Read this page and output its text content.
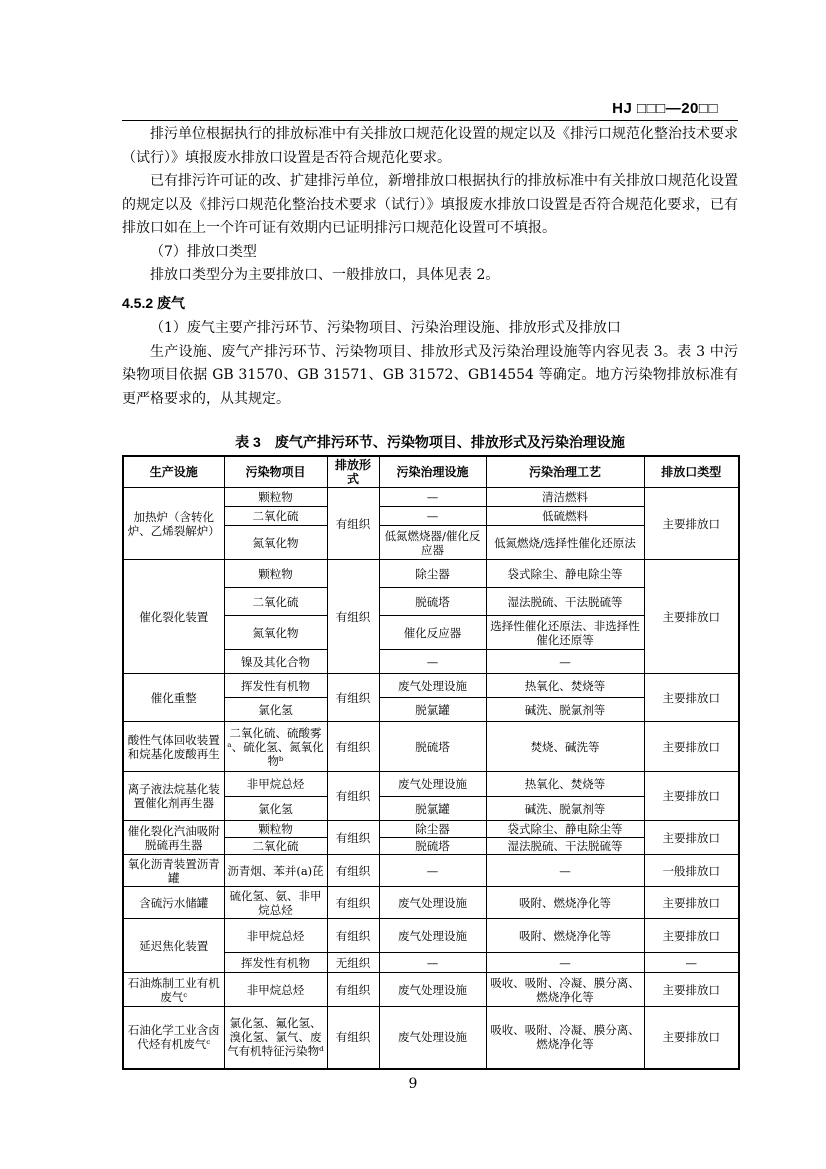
HJ □□□—20□□

排污单位根据执行的排放标准中有关排放口规范化设置的规定以及《排污口规范化整治技术要求（试行）》填报废水排放口设置是否符合规范化要求。

已有排污许可证的改、扩建排污单位，新增排放口根据执行的排放标准中有关排放口规范化设置的规定以及《排污口规范化整治技术要求（试行）》填报废水排放口设置是否符合规范化要求，已有排放口如在上一个许可证有效期内已证明排污口规范化设置可不填报。

（7）排放口类型

排放口类型分为主要排放口、一般排放口，具体见表 2。

4.5.2 废气

（1）废气主要产排污环节、污染物项目、污染治理设施、排放形式及排放口

生产设施、废气产排污环节、污染物项目、排放形式及污染治理设施等内容见表 3。表 3 中污染物项目依据 GB 31570、GB 31571、GB 31572、GB14554 等确定。地方污染物排放标准有更严格要求的，从其规定。

表 3　废气产排污环节、污染物项目、排放形式及污染治理设施
生产设施	污染物项目	排放形式	污染治理设施	污染治理工艺	排放口类型
加热炉（含转化炉、乙烯裂解炉）	颗粒物	有组织	—	清洁燃料	主要排放口
	二氧化硫		—	低硫燃料	
	氮氧化物		低氮燃烧器/催化反应器	低氮燃烧/选择性催化还原法	
催化裂化装置	颗粒物	有组织	除尘器	袋式除尘、静电除尘等	主要排放口
	二氧化硫		脱硫塔	湿法脱硫、干法脱硫等	
	氮氧化物		催化反应器	选择性催化还原法、非选择性催化还原等	
	镍及其化合物		—	—	
催化重整	挥发性有机物	有组织	废气处理设施	热氧化、焚烧等	主要排放口
	氯化氢		脱氯罐	碱洗、脱氯剂等	
酸性气体回收装置和烷基化废酸再生	二氧化硫、硫酸雾ᵃ、硫化氢、氮氧化物ᵇ	有组织	脱硫塔	焚烧、碱洗等	主要排放口
离子液法烷基化装置催化剂再生器	非甲烷总烃	有组织	废气处理设施	热氧化、焚烧等	主要排放口
	氯化氢		脱氯罐	碱洗、脱氯剂等	
催化裂化汽油吸附脱硫再生器	颗粒物	有组织	除尘器	袋式除尘、静电除尘等	主要排放口
	二氧化硫		脱硫塔	湿法脱硫、干法脱硫等	
氧化沥青装置沥青罐	沥青烟、苯并(a)芘	有组织	—	—	一般排放口
含硫污水储罐	硫化氢、氨、非甲烷总烃	有组织	废气处理设施	吸附、燃烧净化等	主要排放口
延迟焦化装置	非甲烷总烃	有组织	废气处理设施	吸附、燃烧净化等	主要排放口
	挥发性有机物	无组织	—	—	—
石油炼制工业有机废气ᶜ	非甲烷总烃	有组织	废气处理设施	吸收、吸附、冷凝、膜分离、燃烧净化等	主要排放口
石油化学工业含卤代烃有机废气ᶜ	氯化氢、氟化氢、溴化氢、氯气、废气有机特征污染物ᵈ	有组织	废气处理设施	吸收、吸附、冷凝、膜分离、燃烧净化等	主要排放口
9
